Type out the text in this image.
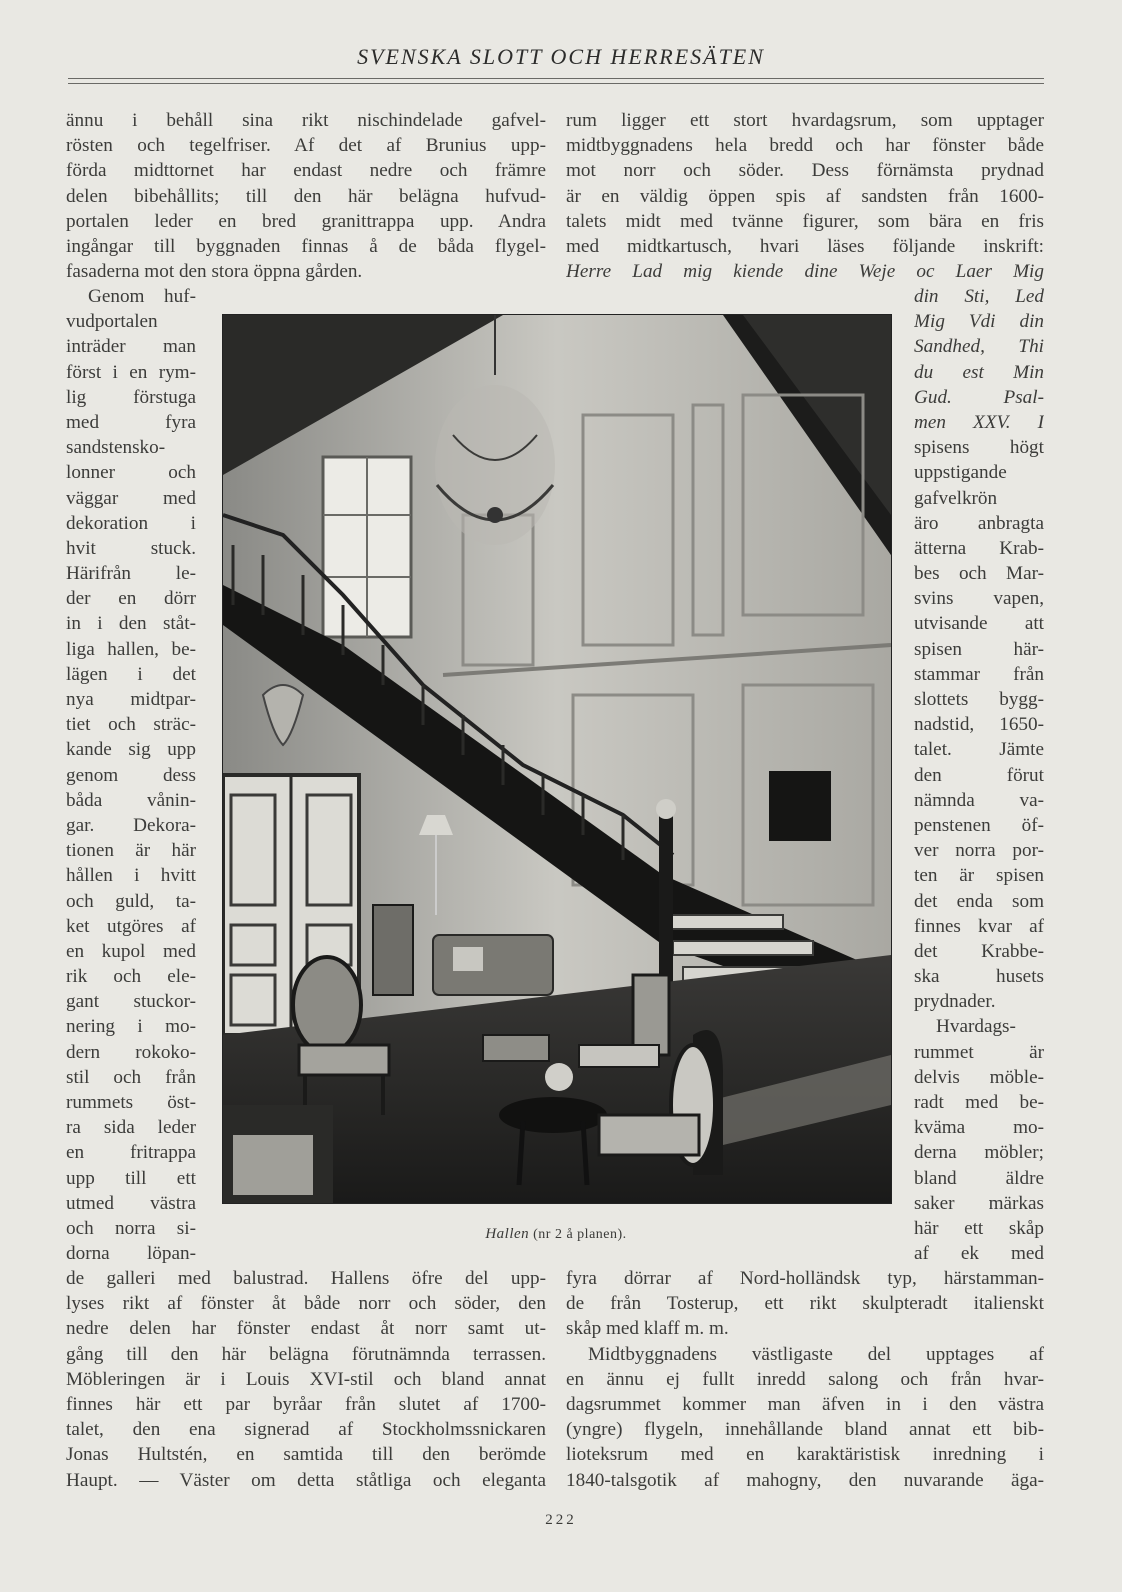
SVENSKA SLOTT OCH HERRESÄTEN
ännu i behåll sina rikt nischindelade gafvel-
rösten och tegelfriser. Af det af Brunius upp-
förda midttornet har endast nedre och främre
delen bibehållits; till den här belägna hufvud-
portalen leder en bred granittrappa upp. Andra
ingångar till byggnaden finnas å de båda flygel-
fasaderna mot den stora öppna gården.
Genom huf-
vudportalen
inträder man
först i en rym-
lig förstuga
med fyra
sandstensko-
lonner och
väggar med
dekoration i
hvit stuck.
Härifrån le-
der en dörr
in i den ståt-
liga hallen, be-
lägen i det
nya midtpar-
tiet och sträc-
kande sig upp
genom dess
båda vånin-
gar. Dekora-
tionen är här
hållen i hvitt
och guld, ta-
ket utgöres af
en kupol med
rik och ele-
gant stuckor-
nering i mo-
dern rokoko-
stil och från
rummets öst-
ra sida leder
en fritrappa
upp till ett
utmed västra
och norra si-
dorna löpan-
de galleri med balustrad. Hallens öfre del upp-
lyses rikt af fönster åt både norr och söder, den
nedre delen har fönster endast åt norr samt ut-
gång till den här belägna förutnämnda terrassen.
Möbleringen är i Louis XVI-stil och bland annat
finnes här ett par byråar från slutet af 1700-
talet, den ena signerad af Stockholmssnickaren
Jonas Hultstén, en samtida till den berömde
Haupt. — Väster om detta ståtliga och eleganta
rum ligger ett stort hvardagsrum, som upptager
midtbyggnadens hela bredd och har fönster både
mot norr och söder. Dess förnämsta prydnad
är en väldig öppen spis af sandsten från 1600-
talets midt med tvänne figurer, som bära en fris
med midtkartusch, hvari läses följande inskrift:
Herre Lad mig kiende dine Weje oc Laer Mig
din Sti, Led
Mig Vdi din
Sandhed, Thi
du est Min
Gud. Psal-
men XXV. I
spisens högt
uppstigande
gafvelkrön
äro anbragta
ätterna Krab-
bes och Mar-
svins vapen,
utvisande att
spisen här-
stammar från
slottets bygg-
nadstid, 1650-
talet. Jämte
den förut
nämnda va-
penstenen öf-
ver norra por-
ten är spisen
det enda som
finnes kvar af
det Krabbe-
ska husets
prydnader.
Hvardags-
rummet är
delvis möble-
radt med be-
kväma mo-
derna möbler;
bland äldre
saker märkas
här ett skåp
af ek med
fyra dörrar af Nord-holländsk typ, härstamman-
de från Tosterup, ett rikt skulpteradt italienskt
skåp med klaff m. m.
Midtbyggnadens västligaste del upptages af
en ännu ej fullt inredd salong och från hvar-
dagsrummet kommer man äfven in i den västra
(yngre) flygeln, innehållande bland annat ett bib-
lioteksrum med en karaktäristisk inredning i
1840-talsgotik af mahogny, den nuvarande äga-
Hallen (nr 2 å planen).
222
